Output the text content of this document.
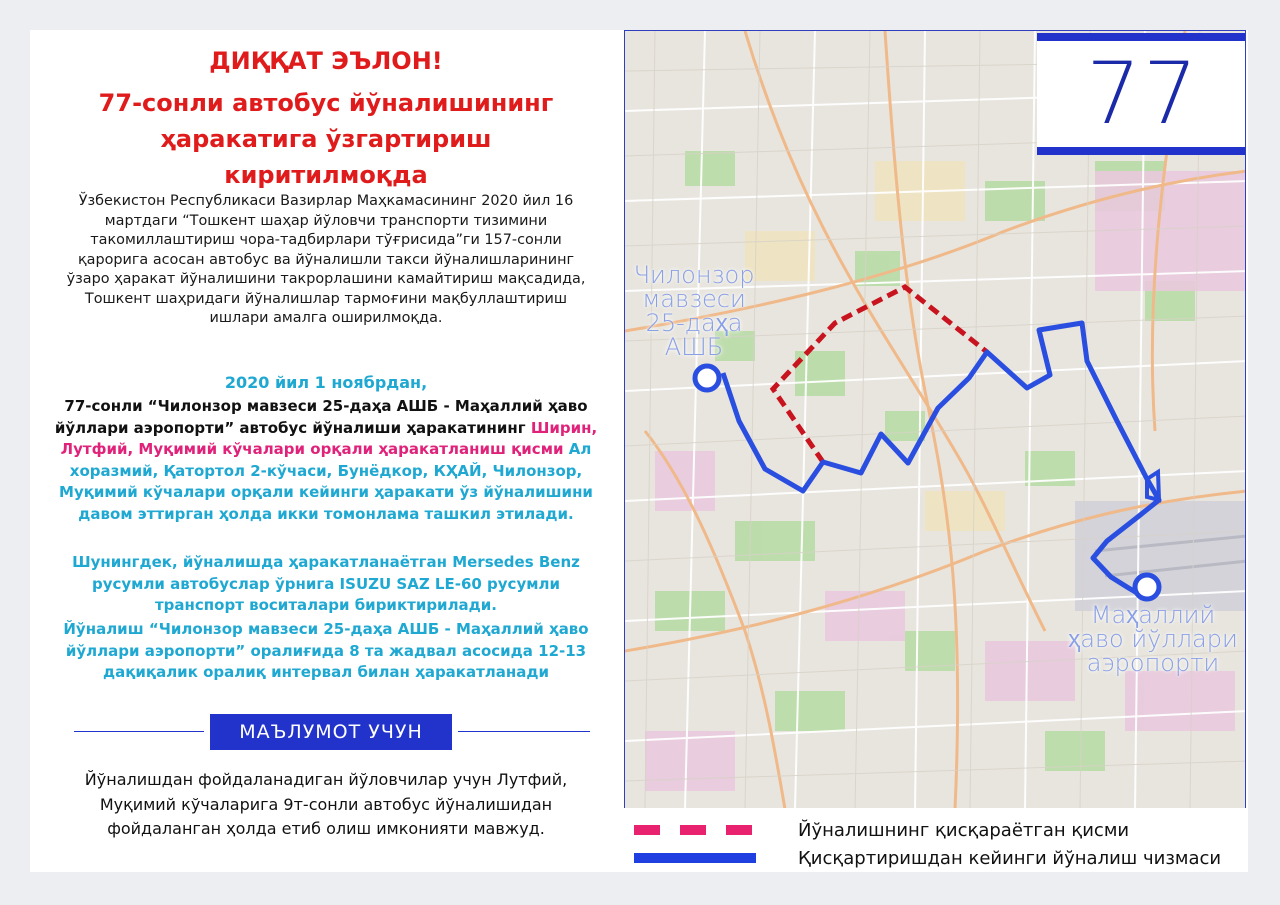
ДИҚҚАТ ЭЪЛОН!
77-сонли автобус йўналишининг ҳаракатига ўзгартириш киритилмоқда
Ўзбекистон Республикаси Вазирлар Маҳкамасининг 2020 йил 16 мартдаги “Тошкент шаҳар йўловчи транспорти тизимини такомиллаштириш чора-тадбирлари тўғрисида”ги 157-сонли қарорига асосан автобус ва йўналишли такси йўналишларининг ўзаро ҳаракат йўналишини такрорлашини камайтириш мақсадида, Тошкент шаҳридаги йўналишлар тармоғини мақбуллаштириш ишлари амалга оширилмоқда.
2020 йил 1 ноябрдан,
77-сонли “Чилонзор мавзеси 25-даҳа АШБ - Маҳаллий ҳаво йўллари аэропорти” автобус йўналиши ҳаракатининг Ширин, Лутфий, Муқимий кўчалари орқали ҳаракатланиш қисми Ал хоразмий, Қатортол 2-кўчаси, Бунёдкор, КҲАЙ, Чилонзор, Муқимий кўчалари орқали кейинги ҳаракати ўз йўналишини давом эттирган ҳолда икки томонлама ташкил этилади.
Шунингдек, йўналишда ҳаракатланаётган Mersedes Benz русумли автобуслар ўрнига ISUZU SAZ LE-60 русумли транспорт воситалари бириктирилади.
Йўналиш “Чилонзор мавзеси 25-даҳа АШБ - Маҳаллий ҳаво йўллари аэропорти” оралиғида 8 та жадвал асосида 12-13 дақиқалик оралиқ интервал билан ҳаракатланади
МАЪЛУМОТ УЧУН
Йўналишдан фойдаланадиган йўловчилар учун Лутфий, Муқимий кўчаларига 9т-сонли автобус йўналишидан фойдаланган ҳолда етиб олиш имконияти мавжуд.
Чилонзор мавзеси 25-даҳа АШБ
Маҳаллий ҳаво йўллари аэропорти
77
Йўналишнинг қисқараётган қисми
Қисқартиришдан кейинги йўналиш чизмаси
